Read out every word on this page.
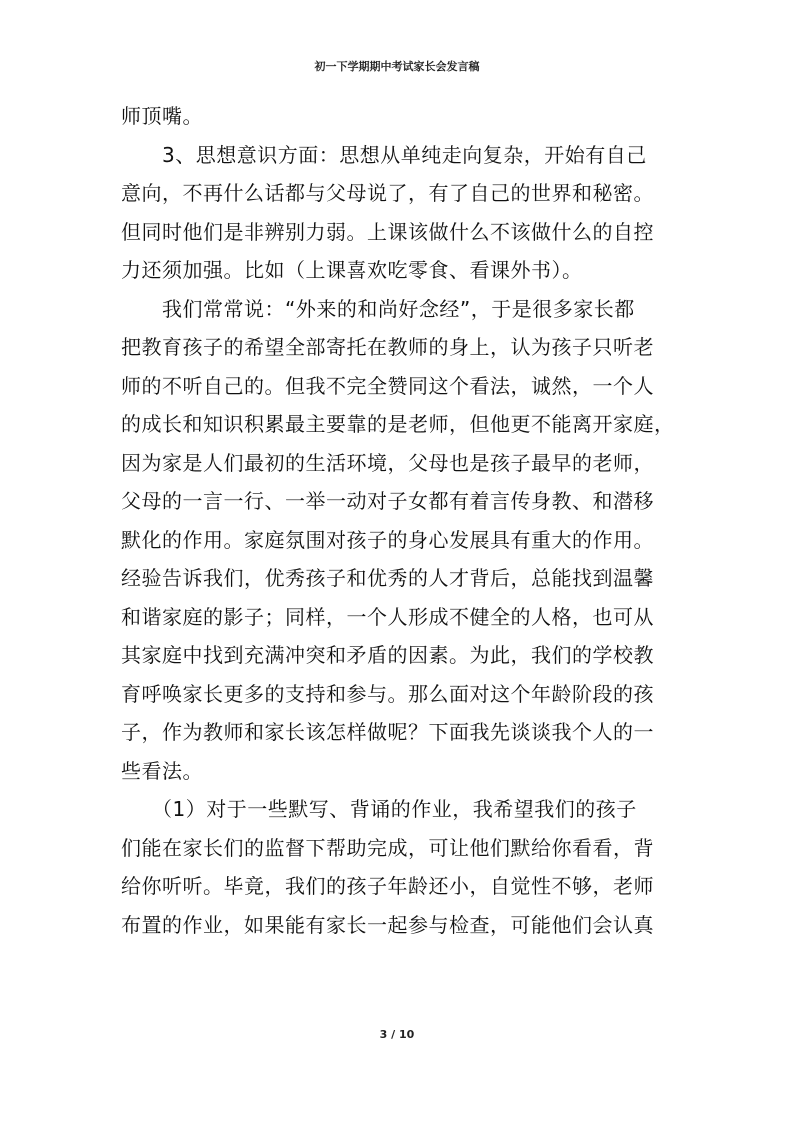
初一下学期期中考试家长会发言稿
师顶嘴。
　　3、思想意识方面：思想从单纯走向复杂，开始有自己
意向，不再什么话都与父母说了，有了自己的世界和秘密。
但同时他们是非辨别力弱。上课该做什么不该做什么的自控
力还须加强。比如（上课喜欢吃零食、看课外书）。
　　我们常常说：“外来的和尚好念经”，于是很多家长都
把教育孩子的希望全部寄托在教师的身上，认为孩子只听老
师的不听自己的。但我不完全赞同这个看法，诚然，一个人
的成长和知识积累最主要靠的是老师，但他更不能离开家庭，
因为家是人们最初的生活环境，父母也是孩子最早的老师，
父母的一言一行、一举一动对子女都有着言传身教、和潜移
默化的作用。家庭氛围对孩子的身心发展具有重大的作用。
经验告诉我们，优秀孩子和优秀的人才背后，总能找到温馨
和谐家庭的影子；同样，一个人形成不健全的人格，也可从
其家庭中找到充满冲突和矛盾的因素。为此，我们的学校教
育呼唤家长更多的支持和参与。那么面对这个年龄阶段的孩
子，作为教师和家长该怎样做呢？下面我先谈谈我个人的一
些看法。
　　（1）对于一些默写、背诵的作业，我希望我们的孩子
们能在家长们的监督下帮助完成，可让他们默给你看看，背
给你听听。毕竟，我们的孩子年龄还小，自觉性不够，老师
布置的作业，如果能有家长一起参与检查，可能他们会认真
3 / 10
